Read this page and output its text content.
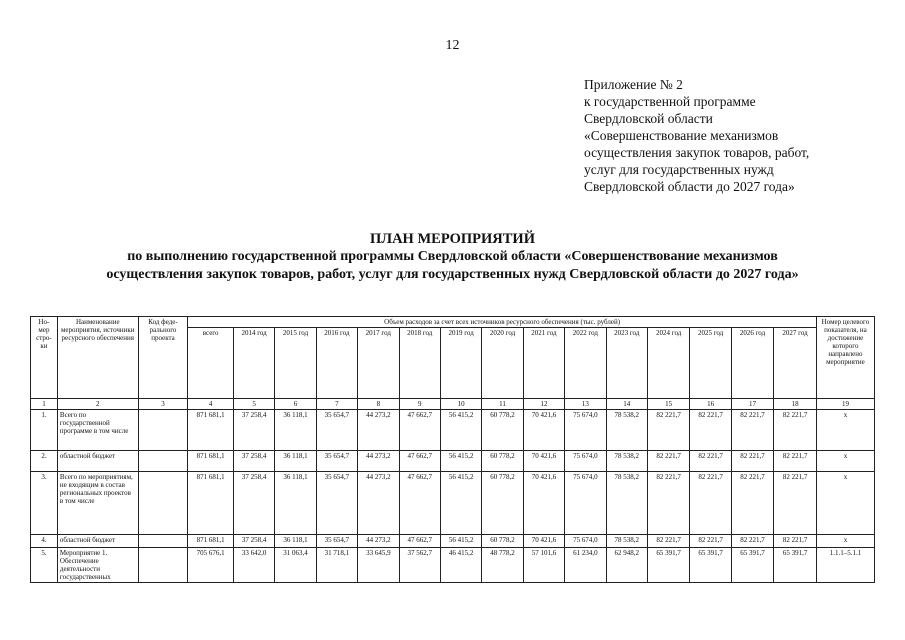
12
Приложение № 2
к государственной программе
Свердловской области
«Совершенствование механизмов
осуществления закупок товаров, работ,
услуг для государственных нужд
Свердловской области до 2027 года»
ПЛАН МЕРОПРИЯТИЙ
по выполнению государственной программы Свердловской области «Совершенствование механизмов
осуществления закупок товаров, работ, услуг для государственных нужд Свердловской области до 2027 года»
Но-мер стро-ки	Наименование мероприятия, источники ресурсного обеспечения	Код феде-рального проекта	Объем расходов за счет всех источников ресурсного обеспечения (тыс. рублей)															Номер целевого показателя, на достижение которого направлено мероприятие
			всего	2014 год	2015 год	2016 год	2017 год	2018 год	2019 год	2020 год	2021 год	2022 год	2023 год	2024 год	2025 год	2026 год	2027 год	
1	2	3	4	5	6	7	8	9	10	11	12	13	14	15	16	17	18	19
1.	Всего по государственной программе в том числе		871 681,1	37 258,4	36 118,1	35 654,7	44 273,2	47 662,7	56 415,2	60 778,2	70 421,6	75 674,0	78 538,2	82 221,7	82 221,7	82 221,7	82 221,7	х
2.	областной бюджет		871 681,1	37 258,4	36 118,1	35 654,7	44 273,2	47 662,7	56 415,2	60 778,2	70 421,6	75 674,0	78 538,2	82 221,7	82 221,7	82 221,7	82 221,7	х
3.	Всего по мероприятиям, не входящим в состав региональных проектов в том числе		871 681,1	37 258,4	36 118,1	35 654,7	44 273,2	47 662,7	56 415,2	60 778,2	70 421,6	75 674,0	78 538,2	82 221,7	82 221,7	82 221,7	82 221,7	х
4.	областной бюджет		871 681,1	37 258,4	36 118,1	35 654,7	44 273,2	47 662,7	56 415,2	60 778,2	70 421,6	75 674,0	78 538,2	82 221,7	82 221,7	82 221,7	82 221,7	х
5.	Мероприятие 1. Обеспечение деятельности государственных		705 676,1	33 642,0	31 063,4	31 718,1	33 645,9	37 562,7	46 415,2	48 778,2	57 101,6	61 234,0	62 948,2	65 391,7	65 391,7	65 391,7	65 391,7	1.1.1–5.1.1
